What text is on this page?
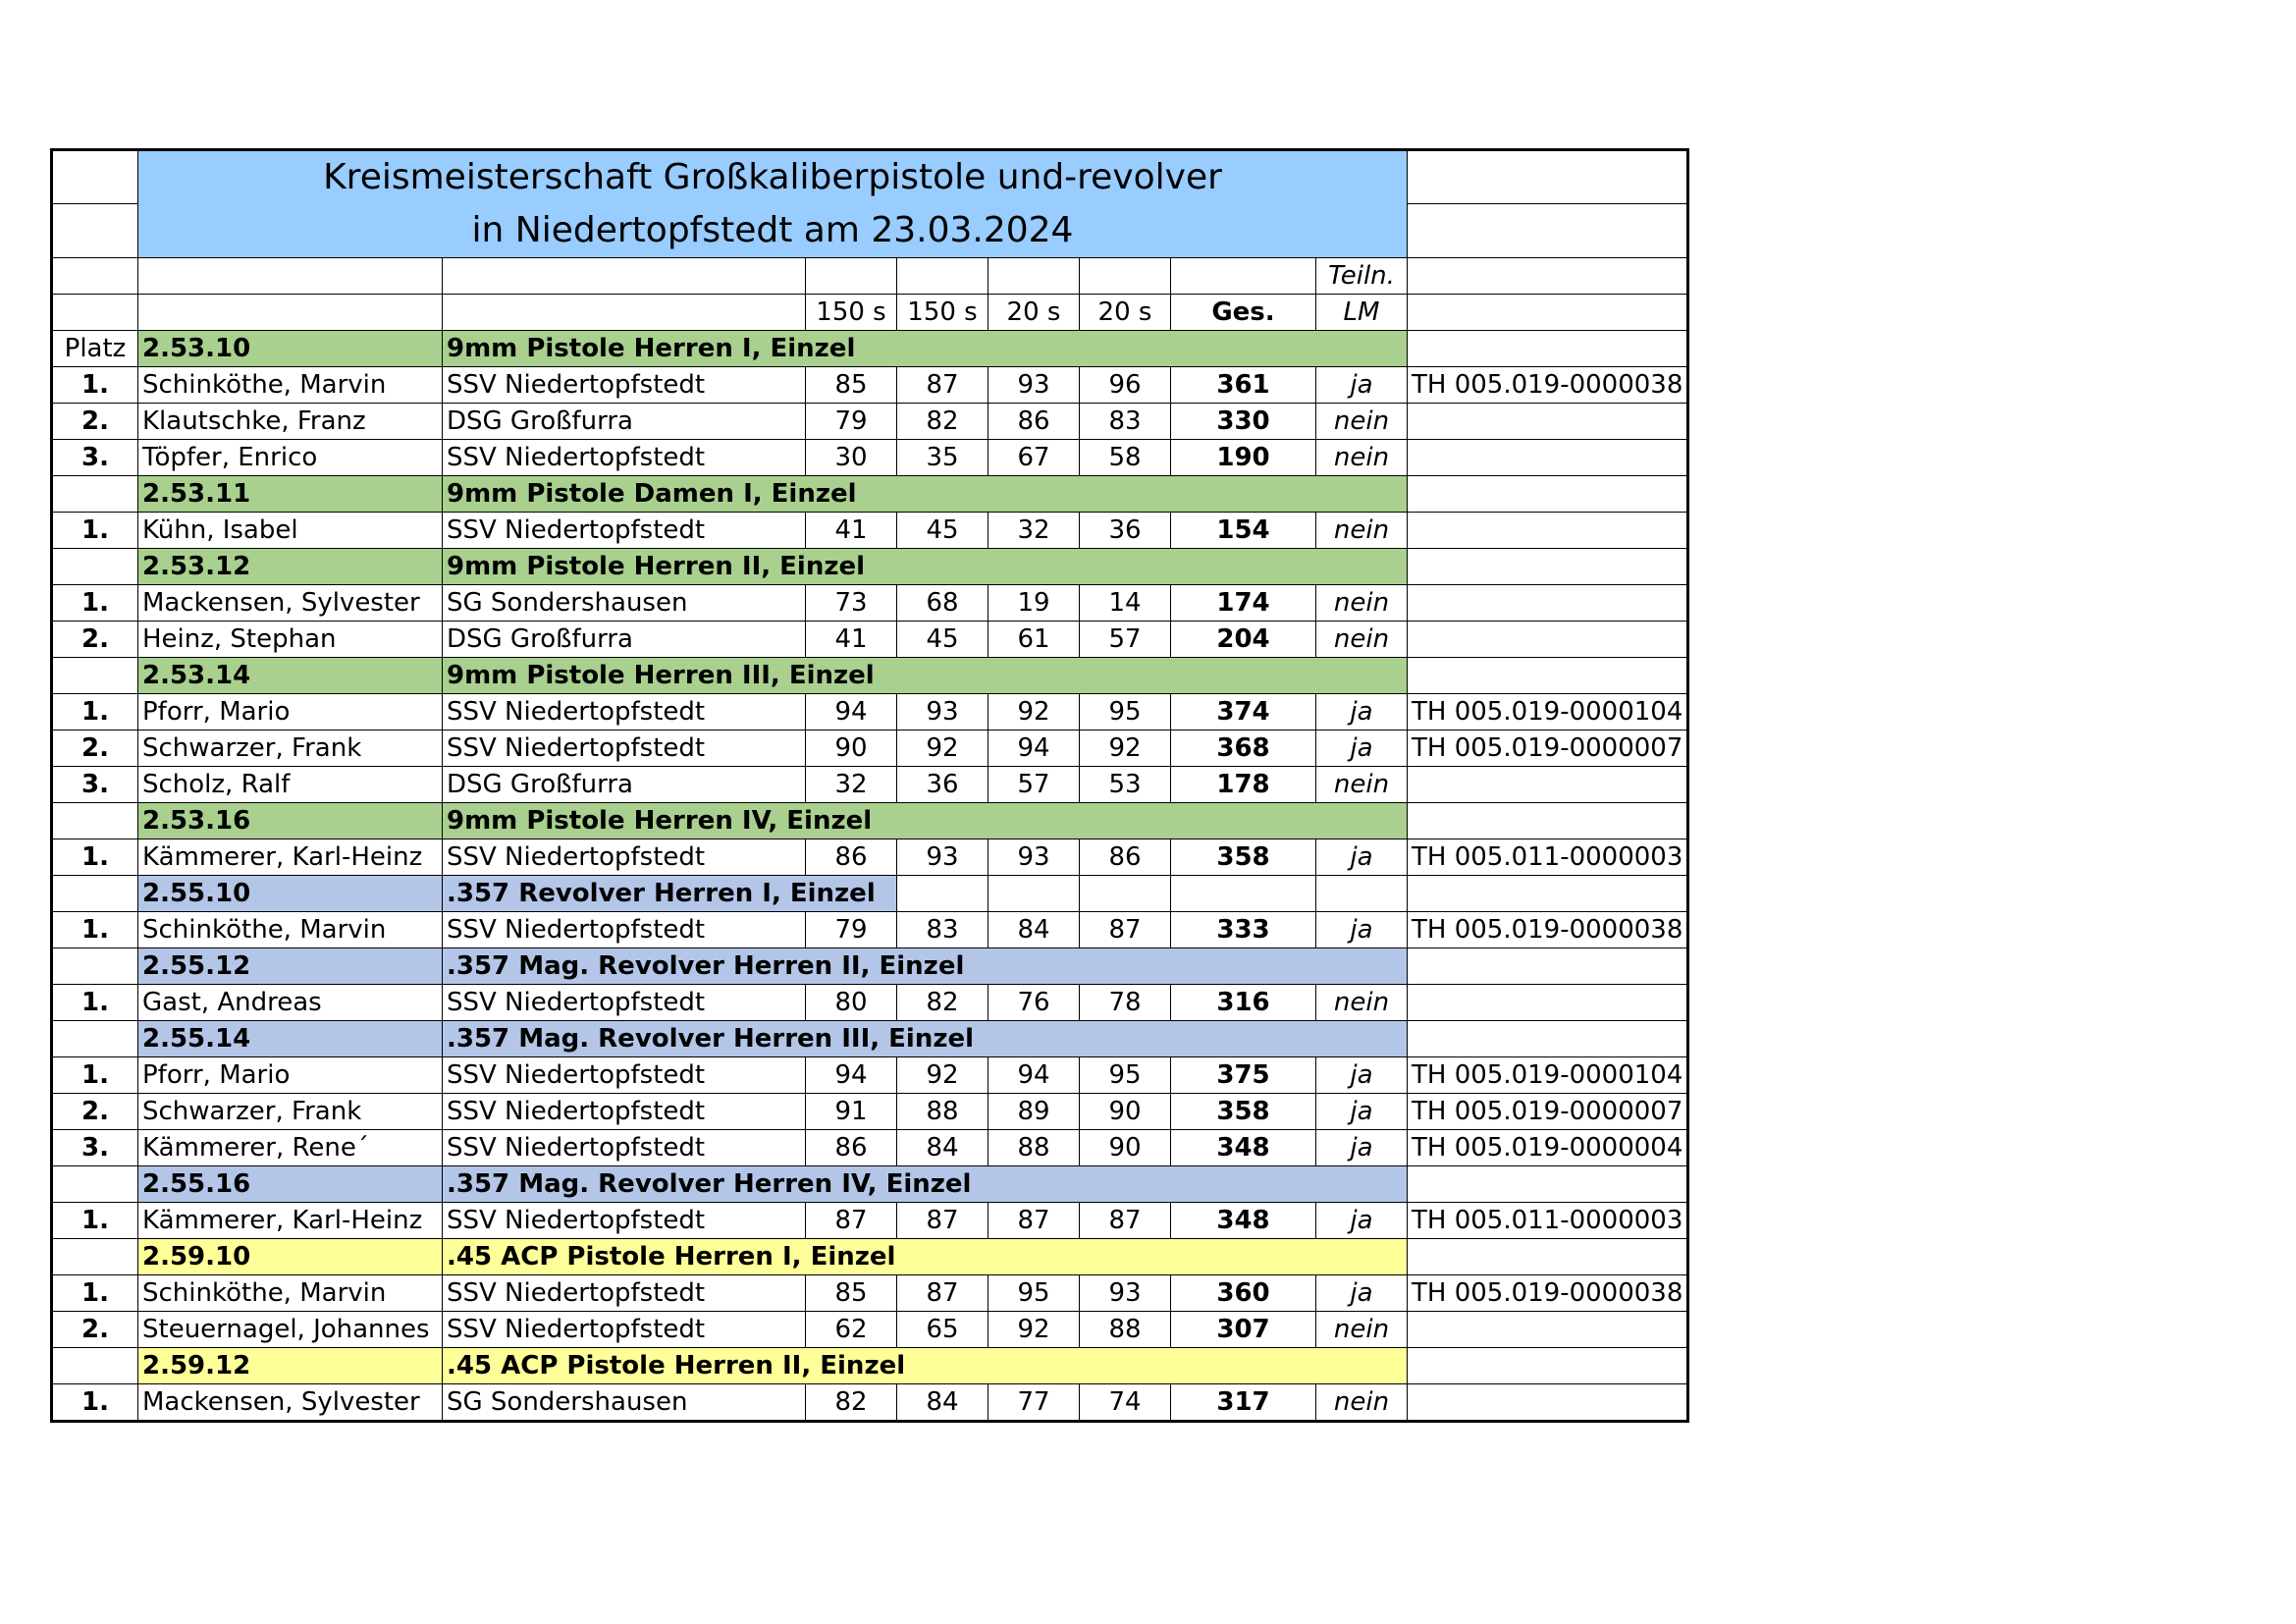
	Kreismeisterschaft Großkaliberpistole und-revolver								
	in Niedertopfstedt am 23.03.2024								
								Teiln.	
			150 s	150 s	20 s	20 s	Ges.	LM	
Platz	2.53.10	9mm Pistole Herren I, Einzel							
1.	Schinköthe, Marvin	SSV Niedertopfstedt	85	87	93	96	361	ja	TH 005.019-0000038
2.	Klautschke, Franz	DSG Großfurra	79	82	86	83	330	nein	
3.	Töpfer, Enrico	SSV Niedertopfstedt	30	35	67	58	190	nein	
	2.53.11	9mm Pistole Damen I, Einzel							
1.	Kühn, Isabel	SSV Niedertopfstedt	41	45	32	36	154	nein	
	2.53.12	9mm Pistole Herren II, Einzel							
1.	Mackensen, Sylvester	SG Sondershausen	73	68	19	14	174	nein	
2.	Heinz, Stephan	DSG Großfurra	41	45	61	57	204	nein	
	2.53.14	9mm Pistole Herren III, Einzel							
1.	Pforr, Mario	SSV Niedertopfstedt	94	93	92	95	374	ja	TH 005.019-0000104
2.	Schwarzer, Frank	SSV Niedertopfstedt	90	92	94	92	368	ja	TH 005.019-0000007
3.	Scholz, Ralf	DSG Großfurra	32	36	57	53	178	nein	
	2.53.16	9mm Pistole Herren IV, Einzel							
1.	Kämmerer, Karl-Heinz	SSV Niedertopfstedt	86	93	93	86	358	ja	TH 005.011-0000003
	2.55.10	.357 Revolver Herren I, Einzel							
1.	Schinköthe, Marvin	SSV Niedertopfstedt	79	83	84	87	333	ja	TH 005.019-0000038
	2.55.12	.357 Mag. Revolver Herren II, Einzel							
1.	Gast, Andreas	SSV Niedertopfstedt	80	82	76	78	316	nein	
	2.55.14	.357 Mag. Revolver Herren III, Einzel							
1.	Pforr, Mario	SSV Niedertopfstedt	94	92	94	95	375	ja	TH 005.019-0000104
2.	Schwarzer, Frank	SSV Niedertopfstedt	91	88	89	90	358	ja	TH 005.019-0000007
3.	Kämmerer, Rene´	SSV Niedertopfstedt	86	84	88	90	348	ja	TH 005.019-0000004
	2.55.16	.357 Mag. Revolver Herren IV, Einzel							
1.	Kämmerer, Karl-Heinz	SSV Niedertopfstedt	87	87	87	87	348	ja	TH 005.011-0000003
	2.59.10	.45 ACP Pistole Herren I, Einzel							
1.	Schinköthe, Marvin	SSV Niedertopfstedt	85	87	95	93	360	ja	TH 005.019-0000038
2.	Steuernagel, Johannes	SSV Niedertopfstedt	62	65	92	88	307	nein	
	2.59.12	.45 ACP Pistole Herren II, Einzel							
1.	Mackensen, Sylvester	SG Sondershausen	82	84	77	74	317	nein	
